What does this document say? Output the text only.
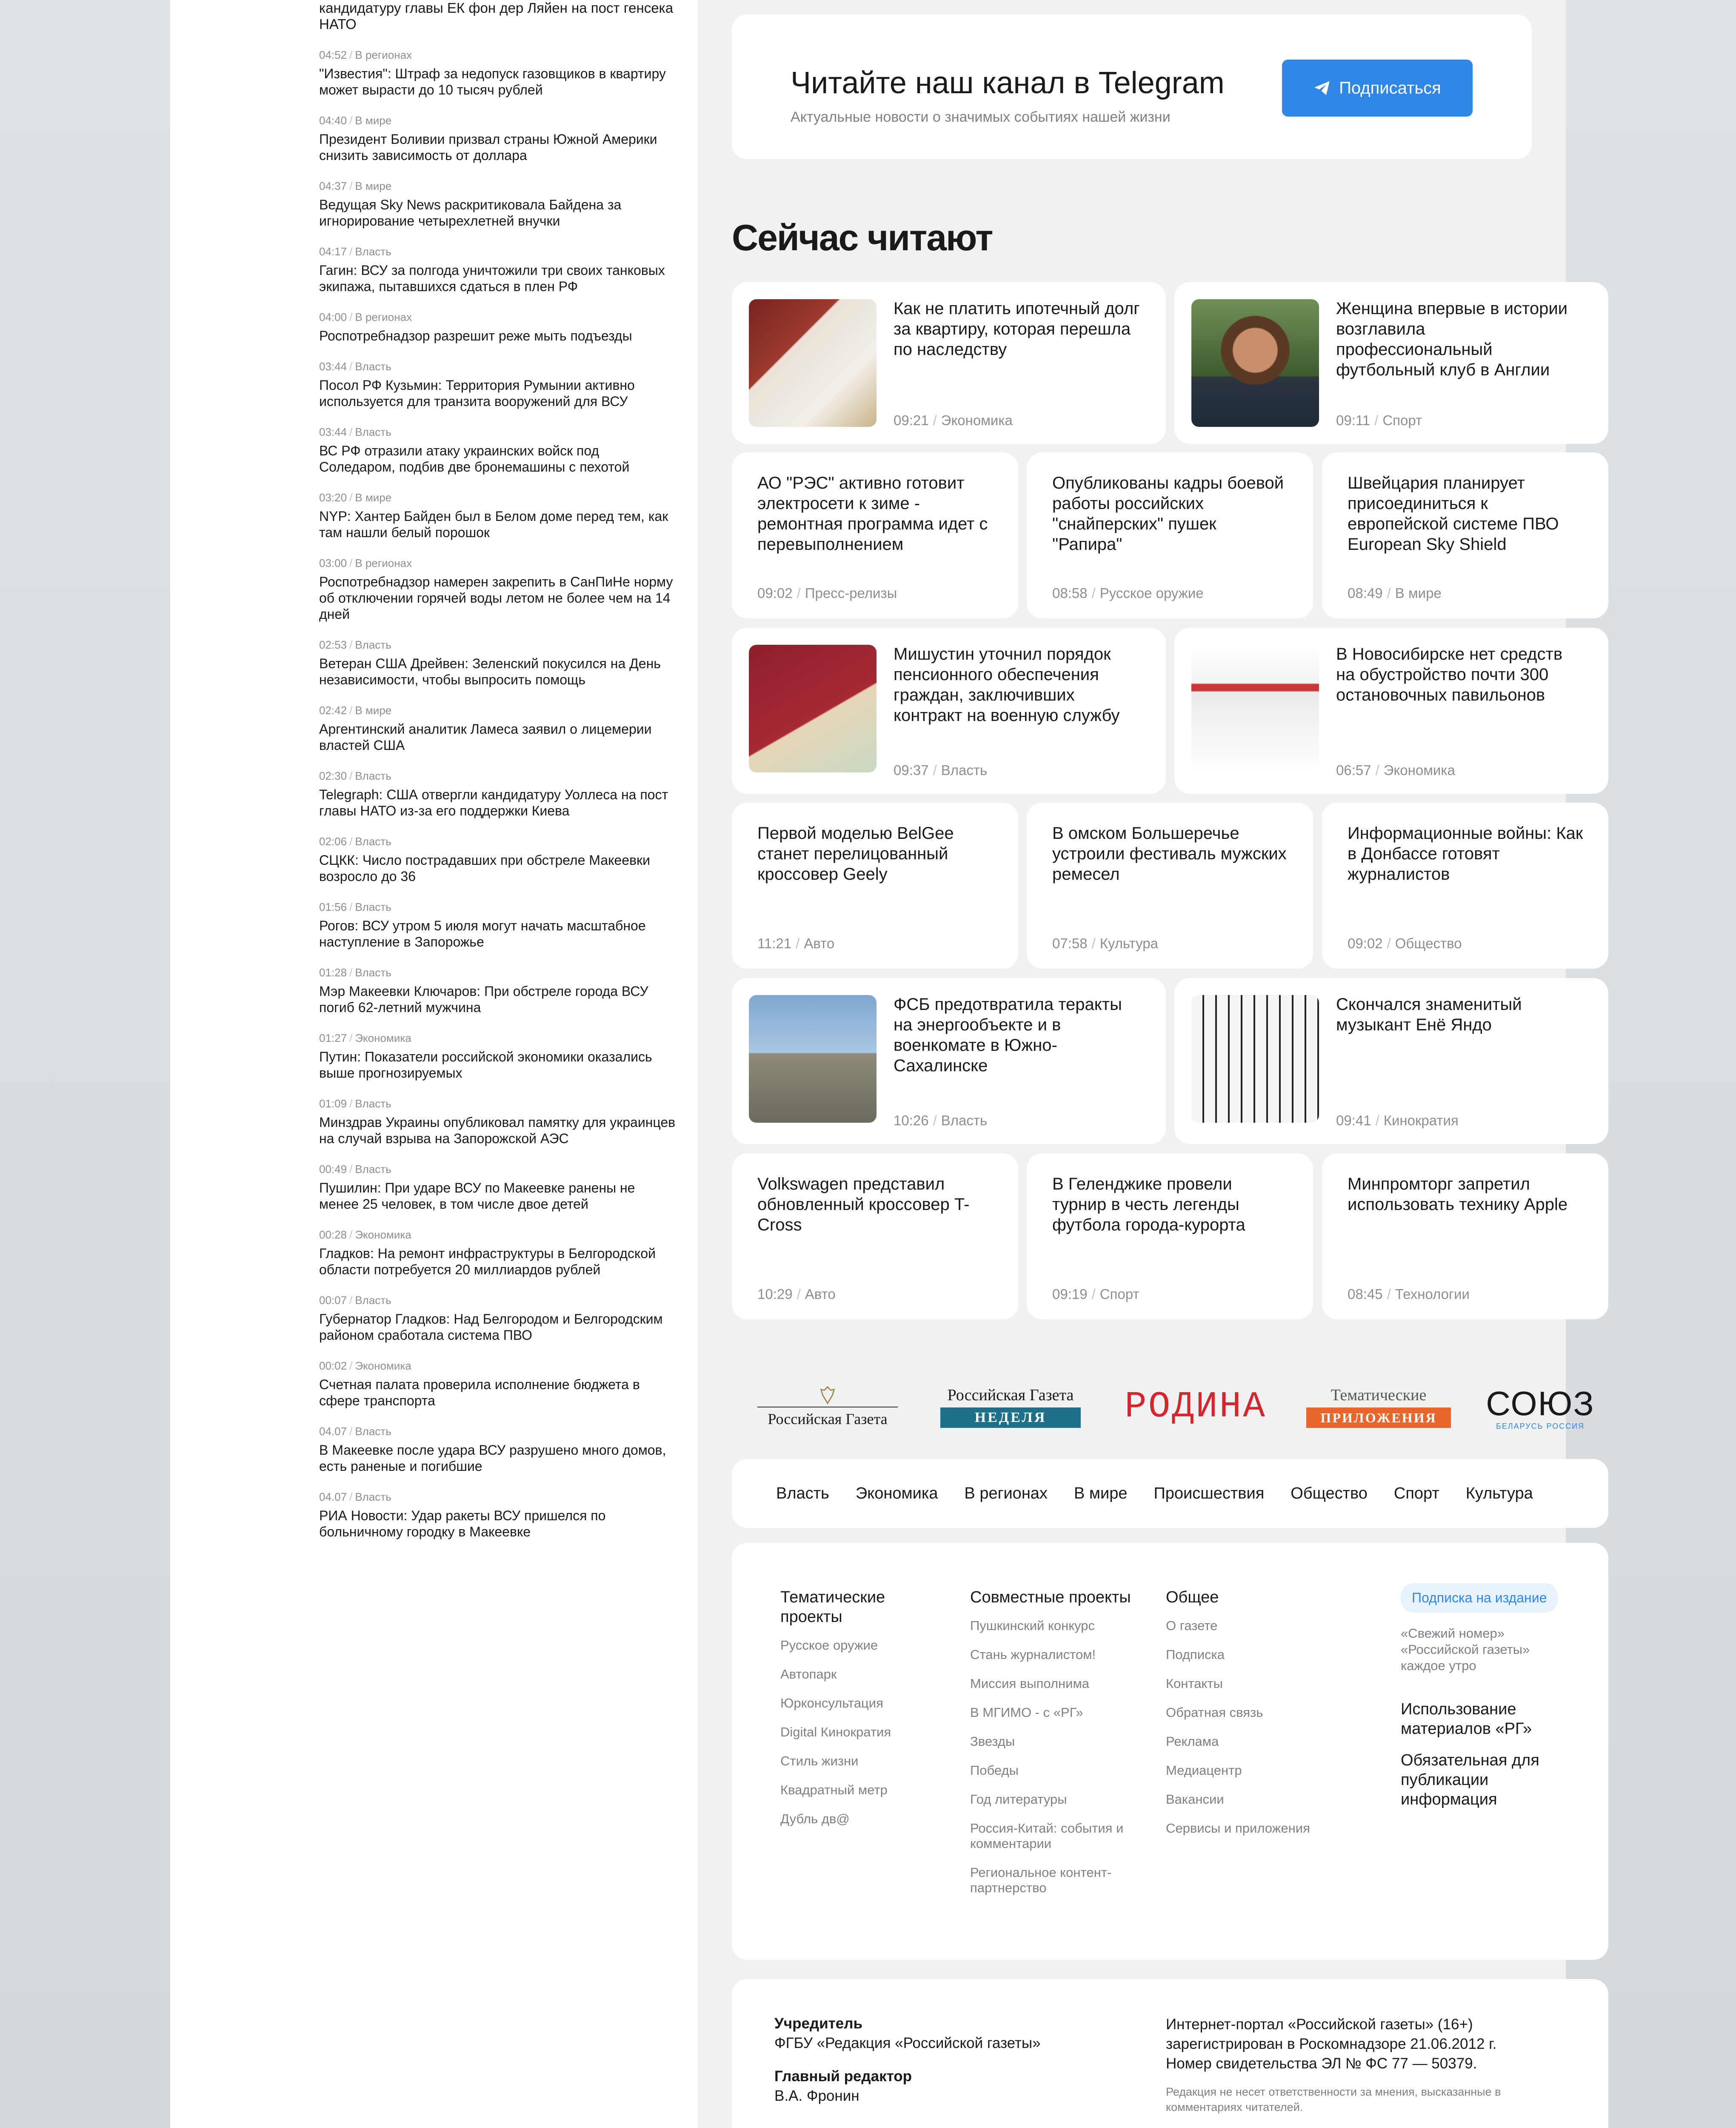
кандидатуру главы ЕК фон дер Ляйен на пост генсека НАТО
04:52 / В регионах
"Известия": Штраф за недопуск газовщиков в квартиру может вырасти до 10 тысяч рублей
04:40 / В мире
Президент Боливии призвал страны Южной Америки снизить зависимость от доллара
04:37 / В мире
Ведущая Sky News раскритиковала Байдена за игнорирование четырехлетней внучки
04:17 / Власть
Гагин: ВСУ за полгода уничтожили три своих танковых экипажа, пытавшихся сдаться в плен РФ
04:00 / В регионах
Роспотребнадзор разрешит реже мыть подъезды
03:44 / Власть
Посол РФ Кузьмин: Территория Румынии активно используется для транзита вооружений для ВСУ
03:44 / Власть
ВС РФ отразили атаку украинских войск под Соледаром, подбив две бронемашины с пехотой
03:20 / В мире
NYP: Хантер Байден был в Белом доме перед тем, как там нашли белый порошок
03:00 / В регионах
Роспотребнадзор намерен закрепить в СанПиНе норму об отключении горячей воды летом не более чем на 14 дней
02:53 / Власть
Ветеран США Дрейвен: Зеленский покусился на День независимости, чтобы выпросить помощь
02:42 / В мире
Аргентинский аналитик Ламеса заявил о лицемерии властей США
02:30 / Власть
Telegraph: США отвергли кандидатуру Уоллеса на пост главы НАТО из-за его поддержки Киева
02:06 / Власть
СЦКК: Число пострадавших при обстреле Макеевки возросло до 36
01:56 / Власть
Рогов: ВСУ утром 5 июля могут начать масштабное наступление в Запорожье
01:28 / Власть
Мэр Макеевки Ключаров: При обстреле города ВСУ погиб 62-летний мужчина
01:27 / Экономика
Путин: Показатели российской экономики оказались выше прогнозируемых
01:09 / Власть
Минздрав Украины опубликовал памятку для украинцев на случай взрыва на Запорожской АЭС
00:49 / Власть
Пушилин: При ударе ВСУ по Макеевке ранены не менее 25 человек, в том числе двое детей
00:28 / Экономика
Гладков: На ремонт инфраструктуры в Белгородской области потребуется 20 миллиардов рублей
00:07 / Власть
Губернатор Гладков: Над Белгородом и Белгородским районом сработала система ПВО
00:02 / Экономика
Счетная палата проверила исполнение бюджета в сфере транспорта
04.07 / Власть
В Макеевке после удара ВСУ разрушено много домов, есть раненые и погибшие
04.07 / Власть
РИА Новости: Удар ракеты ВСУ пришелся по больничному городку в Макеевке
Читайте наш канал в Telegram

Актуальные новости о значимых событиях нашей жизни

Подписаться
Сейчас читают
Как не платить ипотечный долг за квартиру, которая перешла по наследству
09:21 / Экономика
Женщина впервые в истории возглавила профессиональный футбольный клуб в Англии
09:11 / Спорт
АО "РЭС" активно готовит электросети к зиме - ремонтная программа идет с перевыполнением
09:02 / Пресс-релизы
Опубликованы кадры боевой работы российских "снайперских" пушек "Рапира"
08:58 / Русское оружие
Швейцария планирует присоединиться к европейской системе ПВО European Sky Shield
08:49 / В мире
Мишустин уточнил порядок пенсионного обеспечения граждан, заключивших контракт на военную службу
09:37 / Власть
В Новосибирске нет средств на обустройство почти 300 остановочных павильонов
06:57 / Экономика
Первой моделью BelGee станет перелицованный кроссовер Geely
11:21 / Авто
В омском Большеречье устроили фестиваль мужских ремесел
07:58 / Культура
Информационные войны: Как в Донбассе готовят журналистов
09:02 / Общество
ФСБ предотвратила теракты на энергообъекте и в военкомате в Южно-Сахалинске
10:26 / Власть
Скончался знаменитый музыкант Енё Яндо
09:41 / Кинократия
Volkswagen представил обновленный кроссовер T-Cross
10:29 / Авто
В Геленджике провели турнир в честь легенды футбола города-курорта
09:19 / Спорт
Минпромторг запретил использовать технику Apple
08:45 / Технологии
Российская Газета
Российская Газета
НЕДЕЛЯ	РОДИНА	Тематические
ПРИЛОЖЕНИЯ	СОЮЗ
БЕЛАРУСЬ РОССИЯ
Власть Экономика В регионах В мире Происшествия Общество Спорт Культура
Тематические проекты
Русское оружие
Автопарк
Юрконсультация
Digital Кинократия
Стиль жизни
Квадратный метр
Дубль дв@
Совместные проекты
Пушкинский конкурс
Стань журналистом!
Миссия выполнима
В МГИМО - с «РГ»
Звезды
Победы
Год литературы
Россия-Китай: события и комментарии
Региональное контент-партнерство
Общее
О газете
Подписка
Контакты
Обратная связь
Реклама
Медиацентр
Вакансии
Сервисы и приложения
Подписка на издание
«Свежий номер» «Российской газеты» каждое утро
Использование материалов «РГ»
Обязательная для публикации информация
Учредитель
ФГБУ «Редакция «Российской газеты»
Главный редактор
В.А. Фронин
Интернет-портал «Российской газеты» (16+) зарегистрирован в Роскомнадзоре 21.06.2012 г. Номер свидетельства ЭЛ № ФС 77 — 50379.
Редакция не несет ответственности за мнения, высказанные в комментариях читателей.
